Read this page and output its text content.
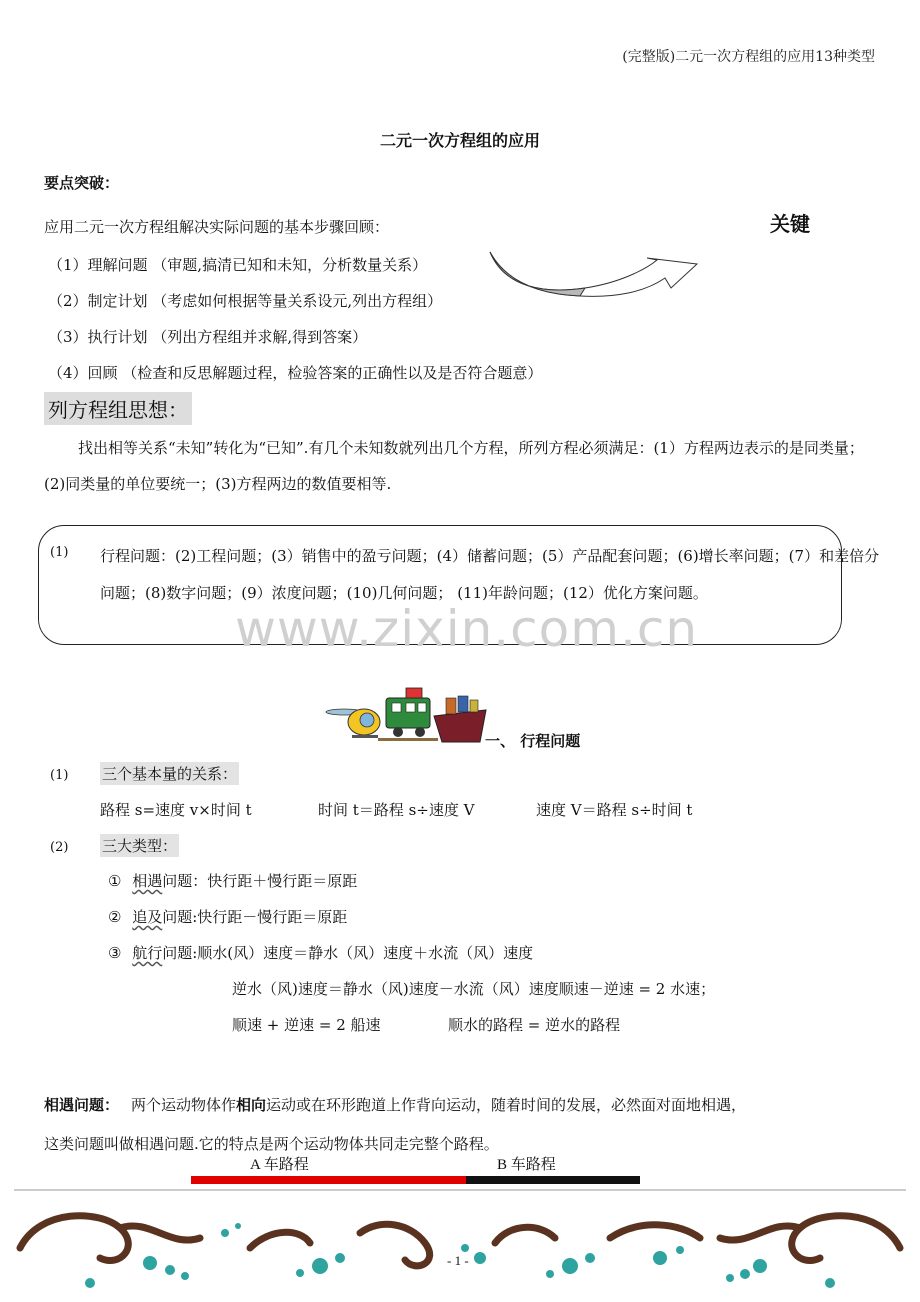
(完整版)二元一次方程组的应用13种类型
二元一次方程组的应用
要点突破：
应用二元一次方程组解决实际问题的基本步骤回顾：	关键
（1）理解问题 （审题,搞清已知和未知，分析数量关系）
（2）制定计划 （考虑如何根据等量关系设元,列出方程组）
（3）执行计划 （列出方程组并求解,得到答案）
（4）回顾 （检查和反思解题过程，检验答案的正确性以及是否符合题意）
列方程组思想：
找出相等关系“未知”转化为“已知”.有几个未知数就列出几个方程，所列方程必须满足：(1）方程两边表示的是同类量；(2)同类量的单位要统一；(3)方程两边的数值要相等.
(1) 行程问题：(2)工程问题；(3）销售中的盈亏问题；(4）储蓄问题；(5）产品配套问题；(6)增长率问题；(7）和差倍分问题；(8)数字问题；(9）浓度问题；(10)几何问题； (11)年龄问题；(12）优化方案问题。
www.zixin.com.cn
一、 行程问题
(1) 三个基本量的关系：
路程 s=速度 v×时间 t	时间 t＝路程 s÷速度 V	速度 V＝路程 s÷时间 t
(2) 三大类型：
① 相遇问题：快行距＋慢行距＝原距
② 追及问题:快行距－慢行距＝原距
③ 航行问题:顺水(风）速度＝静水（风）速度＋水流（风）速度
逆水（风)速度＝静水（风)速度－水流（风）速度顺速－逆速 = 2 水速；
顺速 + 逆速 = 2 船速	顺水的路程 = 逆水的路程
相遇问题： 两个运动物体作相向运动或在环形跑道上作背向运动，随着时间的发展，必然面对面地相遇，
这类问题叫做相遇问题.它的特点是两个运动物体共同走完整个路程。
A 车路程	B 车路程
- 1 -
